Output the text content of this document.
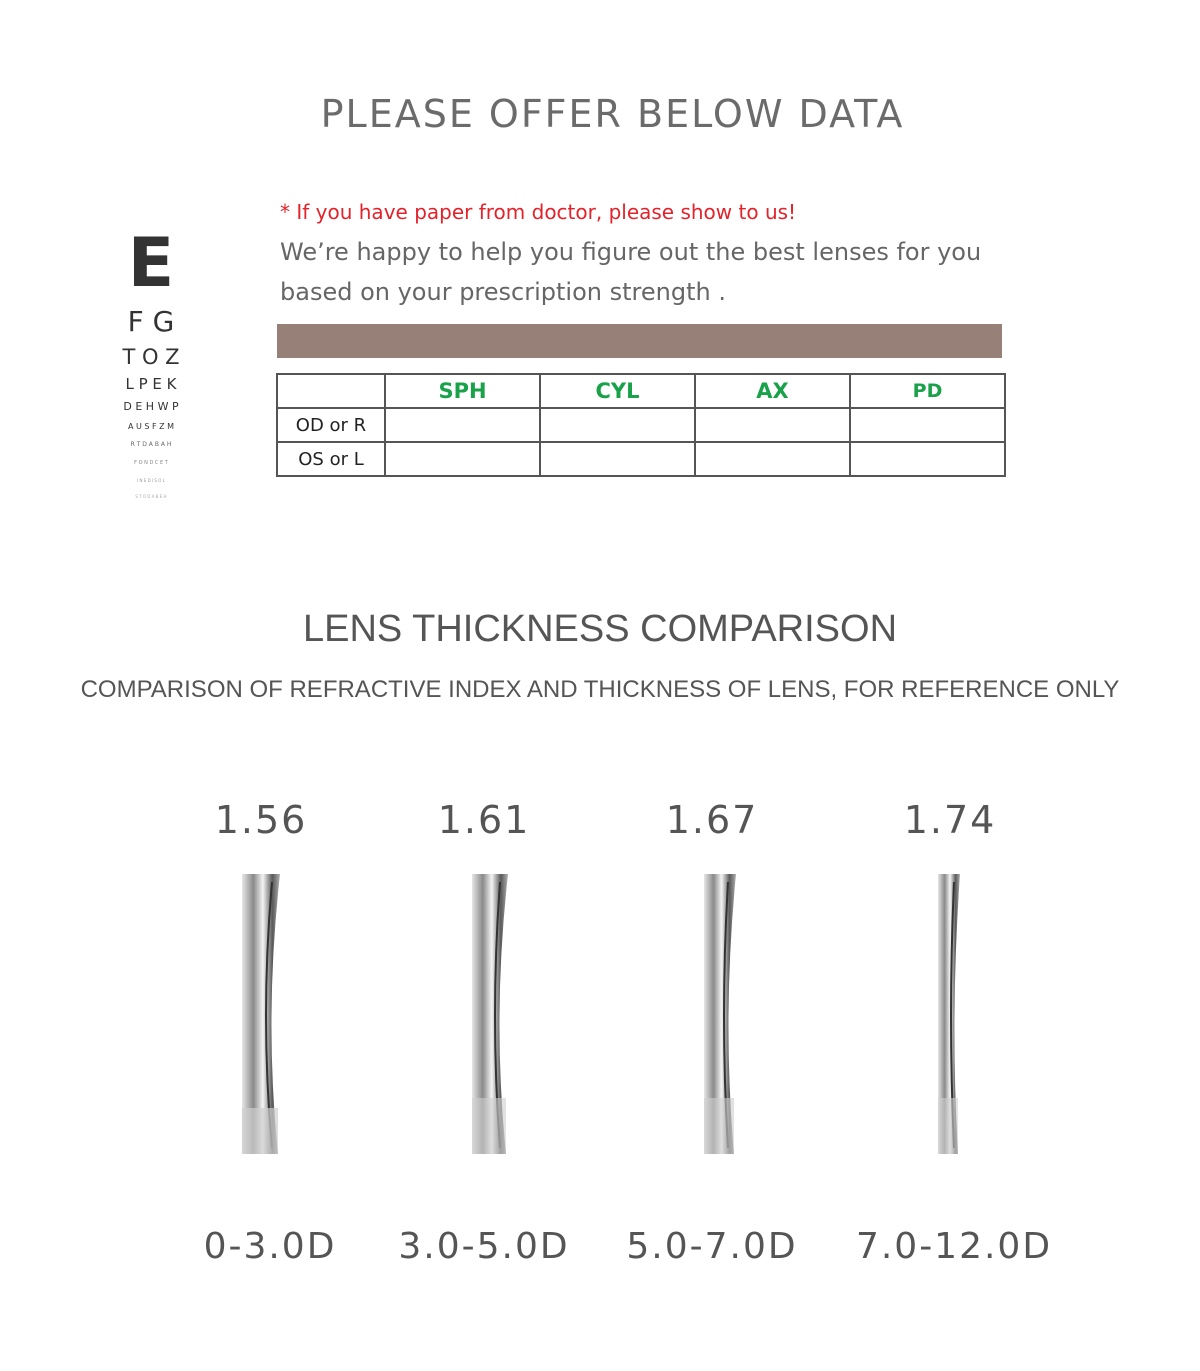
PLEASE OFFER BELOW DATA
E
F G
T O Z
L P E K
D E H W P
A U S F Z M
R T D A B A H
F O N D C E T
I N E D I S O L
S T O D A B E H
* If you have paper from doctor, please show to us!
We’re happy to help you figure out the best lenses for you
based on your prescription strength .
	SPH	CYL	AX	PD
OD or R				
OS or L				
LENS THICKNESS COMPARISON
COMPARISON OF REFRACTIVE INDEX AND THICKNESS OF LENS, FOR REFERENCE ONLY
1.56	1.61	1.67	1.74
0-3.0D	3.0-5.0D	5.0-7.0D	7.0-12.0D
